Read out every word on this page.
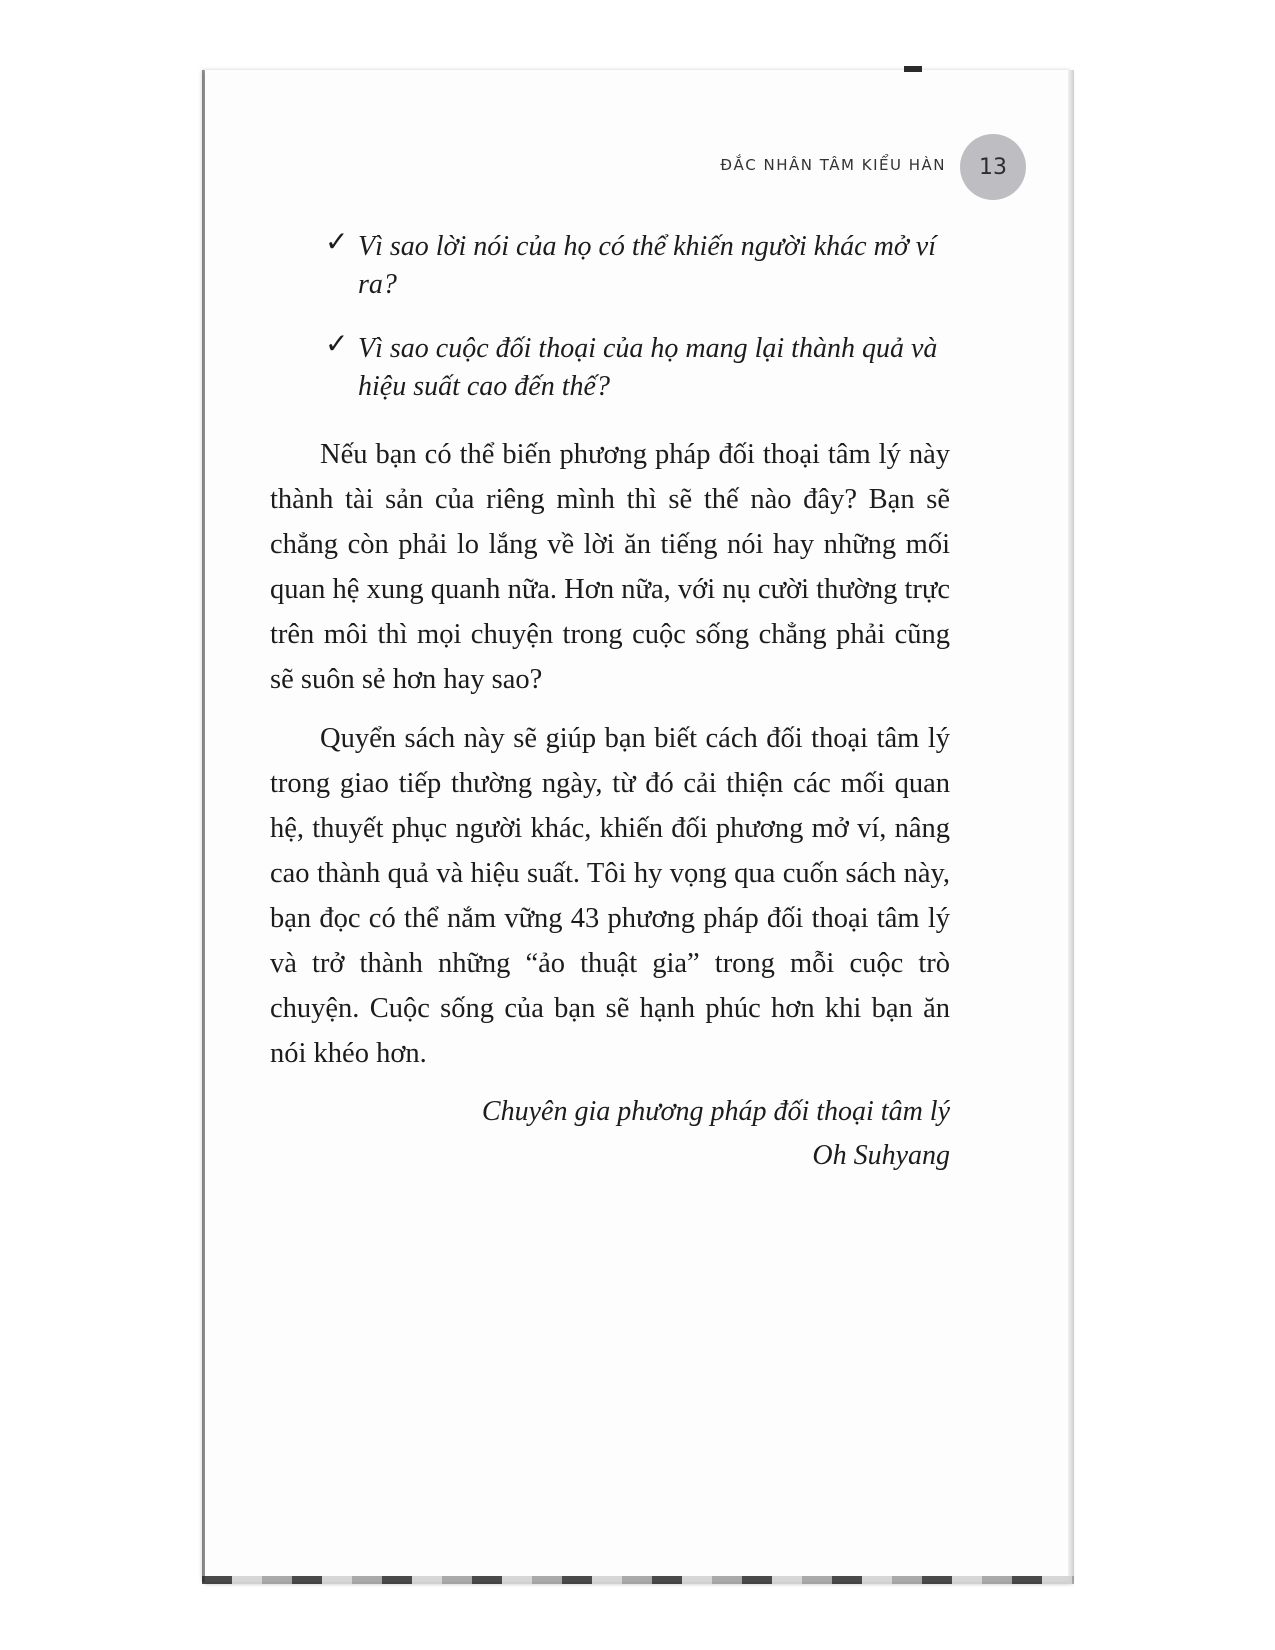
ĐẮC NHÂN TÂM KIỂU HÀN 13
✓ Vì sao lời nói của họ có thể khiến người khác mở ví ra?
✓ Vì sao cuộc đối thoại của họ mang lại thành quả và hiệu suất cao đến thế?

Nếu bạn có thể biến phương pháp đối thoại tâm lý này thành tài sản của riêng mình thì sẽ thế nào đây? Bạn sẽ chẳng còn phải lo lắng về lời ăn tiếng nói hay những mối quan hệ xung quanh nữa. Hơn nữa, với nụ cười thường trực trên môi thì mọi chuyện trong cuộc sống chẳng phải cũng sẽ suôn sẻ hơn hay sao?

Quyển sách này sẽ giúp bạn biết cách đối thoại tâm lý trong giao tiếp thường ngày, từ đó cải thiện các mối quan hệ, thuyết phục người khác, khiến đối phương mở ví, nâng cao thành quả và hiệu suất. Tôi hy vọng qua cuốn sách này, bạn đọc có thể nắm vững 43 phương pháp đối thoại tâm lý và trở thành những “ảo thuật gia” trong mỗi cuộc trò chuyện. Cuộc sống của bạn sẽ hạnh phúc hơn khi bạn ăn nói khéo hơn.

Chuyên gia phương pháp đối thoại tâm lý
Oh Suhyang
